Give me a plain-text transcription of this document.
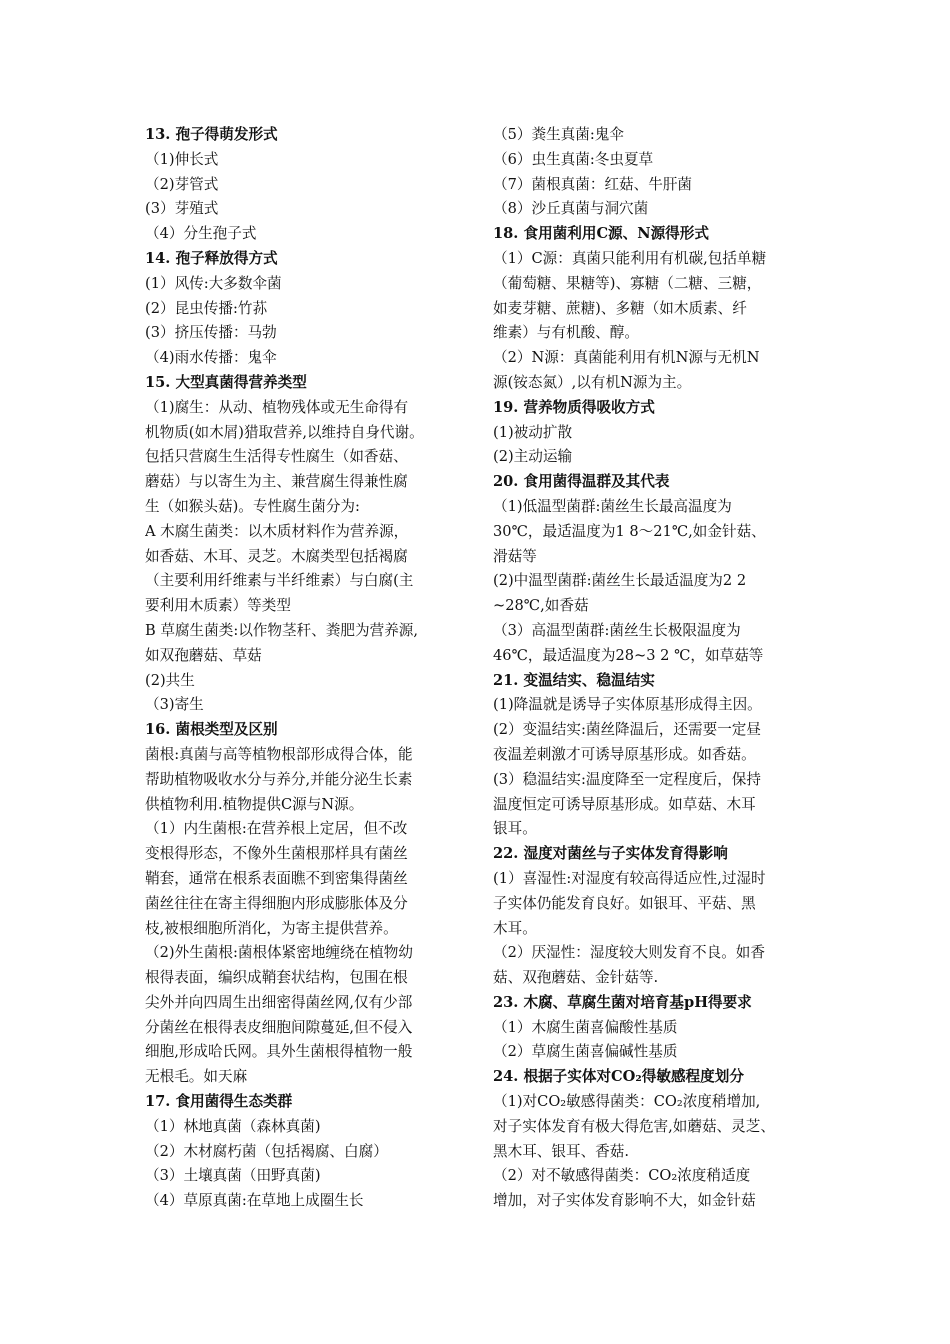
13. 孢子得萌发形式
（1)伸长式
（2)芽管式
(3）芽殖式
（4）分生孢子式
14. 孢子释放得方式
(1）风传:大多数伞菌
(2）昆虫传播:竹荪
(3）挤压传播：马勃
（4)雨水传播：鬼伞
15. 大型真菌得营养类型
（1)腐生：从动、植物残体或无生命得有
机物质(如木屑)猎取营养,以维持自身代谢。
包括只营腐生生活得专性腐生（如香菇、
蘑菇）与以寄生为主、兼营腐生得兼性腐
生（如猴头菇)。专性腐生菌分为:
A 木腐生菌类：以木质材料作为营养源，
如香菇、木耳、灵芝。木腐类型包括褐腐
（主要利用纤维素与半纤维素）与白腐(主
要利用木质素）等类型
B 草腐生菌类:以作物茎秆、粪肥为营养源,
如双孢蘑菇、草菇
(2)共生
（3)寄生
16. 菌根类型及区别
菌根:真菌与高等植物根部形成得合体，能
帮助植物吸收水分与养分,并能分泌生长素
供植物利用.植物提供C源与N源。
（1）内生菌根:在营养根上定居，但不改
变根得形态，不像外生菌根那样具有菌丝
鞘套，通常在根系表面瞧不到密集得菌丝
菌丝往往在寄主得细胞内形成膨胀体及分
枝,被根细胞所消化，为寄主提供营养。
（2)外生菌根:菌根体紧密地缠绕在植物幼
根得表面，编织成鞘套状结构，包围在根
尖外并向四周生出细密得菌丝网,仅有少部
分菌丝在根得表皮细胞间隙蔓延,但不侵入
细胞,形成哈氏网。具外生菌根得植物一般
无根毛。如天麻
17. 食用菌得生态类群
（1）林地真菌（森林真菌)
（2）木材腐朽菌（包括褐腐、白腐）
（3）土壤真菌（田野真菌)
（4）草原真菌:在草地上成圈生长
（5）粪生真菌:鬼伞
（6）虫生真菌:冬虫夏草
（7）菌根真菌：红菇、牛肝菌
（8）沙丘真菌与洞穴菌
18. 食用菌利用C源、N源得形式
（1）C源：真菌只能利用有机碳,包括单糖
（葡萄糖、果糖等)、寡糖（二糖、三糖，
如麦芽糖、蔗糖)、多糖（如木质素、纤
维素）与有机酸、醇。
（2）N源：真菌能利用有机N源与无机N
源(铵态氮）,以有机N源为主。
19. 营养物质得吸收方式
(1)被动扩散
(2)主动运输
20. 食用菌得温群及其代表
（1)低温型菌群:菌丝生长最高温度为
30℃，最适温度为1 8～21℃,如金针菇、
滑菇等
(2)中温型菌群:菌丝生长最适温度为2 2
~28℃,如香菇
（3）高温型菌群:菌丝生长极限温度为
46℃，最适温度为28~3 2 ℃，如草菇等
21. 变温结实、稳温结实
(1)降温就是诱导子实体原基形成得主因。
(2）变温结实:菌丝降温后，还需要一定昼
夜温差刺激才可诱导原基形成。如香菇。
(3）稳温结实:温度降至一定程度后，保持
温度恒定可诱导原基形成。如草菇、木耳
银耳。
22. 湿度对菌丝与子实体发育得影响
(1）喜湿性:对湿度有较高得适应性,过湿时
子实体仍能发育良好。如银耳、平菇、黑
木耳。
（2）厌湿性：湿度较大则发育不良。如香
菇、双孢蘑菇、金针菇等.
23. 木腐、草腐生菌对培育基pH得要求
（1）木腐生菌喜偏酸性基质
（2）草腐生菌喜偏碱性基质
24. 根据子实体对CO₂得敏感程度划分
（1)对CO₂敏感得菌类：CO₂浓度稍增加,
对子实体发育有极大得危害,如蘑菇、灵芝、
黑木耳、银耳、香菇.
（2）对不敏感得菌类：CO₂浓度稍适度
增加，对子实体发育影响不大，如金针菇
